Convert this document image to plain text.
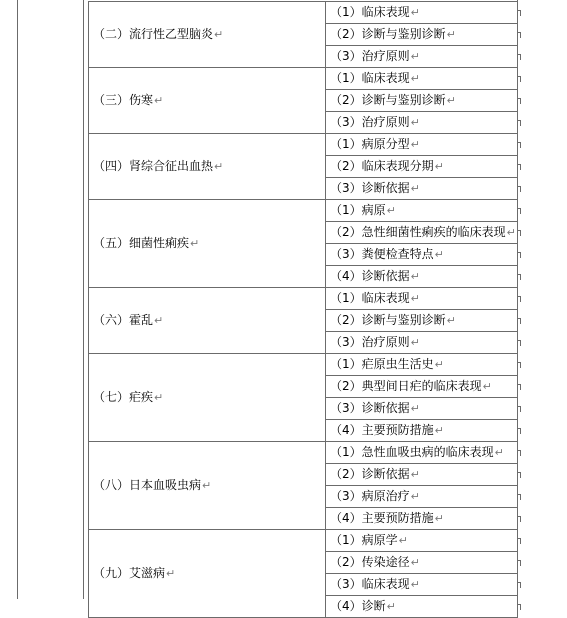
（二）流行性乙型脑炎↵	（1）临床表现↵
	（2）诊断与鉴别诊断↵
	（3）治疗原则↵
（三）伤寒↵	（1）临床表现↵
	（2）诊断与鉴别诊断↵
	（3）治疗原则↵
（四）肾综合征出血热↵	（1）病原分型↵
	（2）临床表现分期↵
	（3）诊断依据↵
（五）细菌性痢疾↵	（1）病原↵
	（2）急性细菌性痢疾的临床表现↵
	（3）粪便检查特点↵
	（4）诊断依据↵
（六）霍乱↵	（1）临床表现↵
	（2）诊断与鉴别诊断↵
	（3）治疗原则↵
（七）疟疾↵	（1）疟原虫生活史↵
	（2）典型间日疟的临床表现↵
	（3）诊断依据↵
	（4）主要预防措施↵
（八）日本血吸虫病↵	（1）急性血吸虫病的临床表现↵
	（2）诊断依据↵
	（3）病原治疗↵
	（4）主要预防措施↵
（九）艾滋病↵	（1）病原学↵
	（2）传染途径↵
	（3）临床表现↵
	（4）诊断↵
